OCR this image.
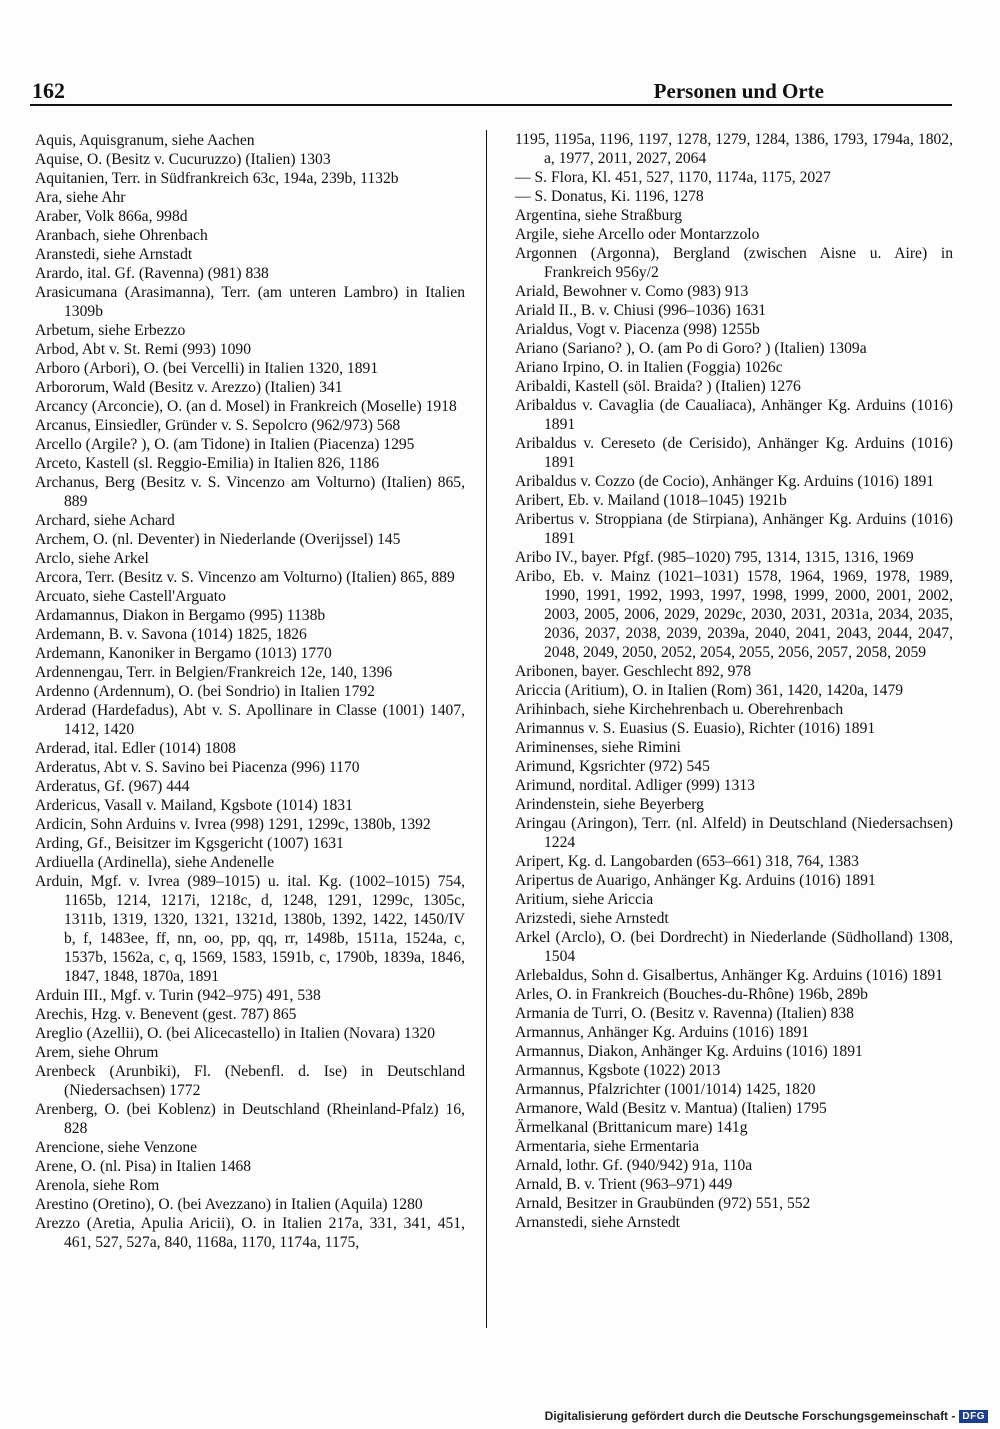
162	Personen und Orte

Aquis, Aquisgranum, siehe Aachen

Aquise, O. (Besitz v. Cucuruzzo) (Italien) 1303

Aquitanien, Terr. in Südfrankreich 63c, 194a, 239b, 1132b

Ara, siehe Ahr

Araber, Volk 866a, 998d

Aranbach, siehe Ohrenbach

Aranstedi, siehe Arnstadt

Arardo, ital. Gf. (Ravenna) (981) 838

Arasicumana (Arasimanna), Terr. (am unteren Lambro) in Italien 1309b

Arbetum, siehe Erbezzo

Arbod, Abt v. St. Remi (993) 1090

Arboro (Arbori), O. (bei Vercelli) in Italien 1320, 1891

Arbororum, Wald (Besitz v. Arezzo) (Italien) 341

Arcancy (Arconcie), O. (an d. Mosel) in Frankreich (Moselle) 1918

Arcanus, Einsiedler, Gründer v. S. Sepolcro (962/973) 568

Arcello (Argile? ), O. (am Tidone) in Italien (Piacenza) 1295

Arceto, Kastell (sl. Reggio-Emilia) in Italien 826, 1186

Archanus, Berg (Besitz v. S. Vincenzo am Volturno) (Italien) 865, 889

Archard, siehe Achard

Archem, O. (nl. Deventer) in Niederlande (Overijssel) 145

Arclo, siehe Arkel

Arcora, Terr. (Besitz v. S. Vincenzo am Volturno) (Italien) 865, 889

Arcuato, siehe Castell'Arguato

Ardamannus, Diakon in Bergamo (995) 1138b

Ardemann, B. v. Savona (1014) 1825, 1826

Ardemann, Kanoniker in Bergamo (1013) 1770

Ardennengau, Terr. in Belgien/Frankreich 12e, 140, 1396

Ardenno (Ardennum), O. (bei Sondrio) in Italien 1792

Arderad (Hardefadus), Abt v. S. Apollinare in Classe (1001) 1407, 1412, 1420

Arderad, ital. Edler (1014) 1808

Arderatus, Abt v. S. Savino bei Piacenza (996) 1170

Arderatus, Gf. (967) 444

Ardericus, Vasall v. Mailand, Kgsbote (1014) 1831

Ardicin, Sohn Arduins v. Ivrea (998) 1291, 1299c, 1380b, 1392

Arding, Gf., Beisitzer im Kgsgericht (1007) 1631

Ardiuella (Ardinella), siehe Andenelle

Arduin, Mgf. v. Ivrea (989–1015) u. ital. Kg. (1002–1015) 754, 1165b, 1214, 1217i, 1218c, d, 1248, 1291, 1299c, 1305c, 1311b, 1319, 1320, 1321, 1321d, 1380b, 1392, 1422, 1450/IV b, f, 1483ee, ff, nn, oo, pp, qq, rr, 1498b, 1511a, 1524a, c, 1537b, 1562a, c, q, 1569, 1583, 1591b, c, 1790b, 1839a, 1846, 1847, 1848, 1870a, 1891

Arduin III., Mgf. v. Turin (942–975) 491, 538

Arechis, Hzg. v. Benevent (gest. 787) 865

Areglio (Azellii), O. (bei Alicecastello) in Italien (Novara) 1320

Arem, siehe Ohrum

Arenbeck (Arunbiki), Fl. (Nebenfl. d. Ise) in Deutschland (Niedersachsen) 1772

Arenberg, O. (bei Koblenz) in Deutschland (Rheinland-Pfalz) 16, 828

Arencione, siehe Venzone

Arene, O. (nl. Pisa) in Italien 1468

Arenola, siehe Rom

Arestino (Oretino), O. (bei Avezzano) in Italien (Aquila) 1280

Arezzo (Aretia, Apulia Aricii), O. in Italien 217a, 331, 341, 451, 461, 527, 527a, 840, 1168a, 1170, 1174a, 1175,

1195, 1195a, 1196, 1197, 1278, 1279, 1284, 1386, 1793, 1794a, 1802, a, 1977, 2011, 2027, 2064

— S. Flora, Kl. 451, 527, 1170, 1174a, 1175, 2027

— S. Donatus, Ki. 1196, 1278

Argentina, siehe Straßburg

Argile, siehe Arcello oder Montarzzolo

Argonnen (Argonna), Bergland (zwischen Aisne u. Aire) in Frankreich 956y/2

Ariald, Bewohner v. Como (983) 913

Ariald II., B. v. Chiusi (996–1036) 1631

Arialdus, Vogt v. Piacenza (998) 1255b

Ariano (Sariano? ), O. (am Po di Goro? ) (Italien) 1309a

Ariano Irpino, O. in Italien (Foggia) 1026c

Aribaldi, Kastell (söl. Braida? ) (Italien) 1276

Aribaldus v. Cavaglia (de Caualiaca), Anhänger Kg. Arduins (1016) 1891

Aribaldus v. Cereseto (de Cerisido), Anhänger Kg. Arduins (1016) 1891

Aribaldus v. Cozzo (de Cocio), Anhänger Kg. Arduins (1016) 1891

Aribert, Eb. v. Mailand (1018–1045) 1921b

Aribertus v. Stroppiana (de Stirpiana), Anhänger Kg. Arduins (1016) 1891

Aribo IV., bayer. Pfgf. (985–1020) 795, 1314, 1315, 1316, 1969

Aribo, Eb. v. Mainz (1021–1031) 1578, 1964, 1969, 1978, 1989, 1990, 1991, 1992, 1993, 1997, 1998, 1999, 2000, 2001, 2002, 2003, 2005, 2006, 2029, 2029c, 2030, 2031, 2031a, 2034, 2035, 2036, 2037, 2038, 2039, 2039a, 2040, 2041, 2043, 2044, 2047, 2048, 2049, 2050, 2052, 2054, 2055, 2056, 2057, 2058, 2059

Aribonen, bayer. Geschlecht 892, 978

Ariccia (Aritium), O. in Italien (Rom) 361, 1420, 1420a, 1479

Arihinbach, siehe Kirchehrenbach u. Oberehrenbach

Arimannus v. S. Euasius (S. Euasio), Richter (1016) 1891

Ariminenses, siehe Rimini

Arimund, Kgsrichter (972) 545

Arimund, nordital. Adliger (999) 1313

Arindenstein, siehe Beyerberg

Aringau (Aringon), Terr. (nl. Alfeld) in Deutschland (Niedersachsen) 1224

Aripert, Kg. d. Langobarden (653–661) 318, 764, 1383

Aripertus de Auarigo, Anhänger Kg. Arduins (1016) 1891

Aritium, siehe Ariccia

Arizstedi, siehe Arnstedt

Arkel (Arclo), O. (bei Dordrecht) in Niederlande (Südholland) 1308, 1504

Arlebaldus, Sohn d. Gisalbertus, Anhänger Kg. Arduins (1016) 1891

Arles, O. in Frankreich (Bouches-du-Rhône) 196b, 289b

Armania de Turri, O. (Besitz v. Ravenna) (Italien) 838

Armannus, Anhänger Kg. Arduins (1016) 1891

Armannus, Diakon, Anhänger Kg. Arduins (1016) 1891

Armannus, Kgsbote (1022) 2013

Armannus, Pfalzrichter (1001/1014) 1425, 1820

Armanore, Wald (Besitz v. Mantua) (Italien) 1795

Ärmelkanal (Brittanicum mare) 141g

Armentaria, siehe Ermentaria

Arnald, lothr. Gf. (940/942) 91a, 110a

Arnald, B. v. Trient (963–971) 449

Arnald, Besitzer in Graubünden (972) 551, 552

Arnanstedi, siehe Arnstedt

Digitalisierung gefördert durch die Deutsche Forschungsgemeinschaft - DFG
